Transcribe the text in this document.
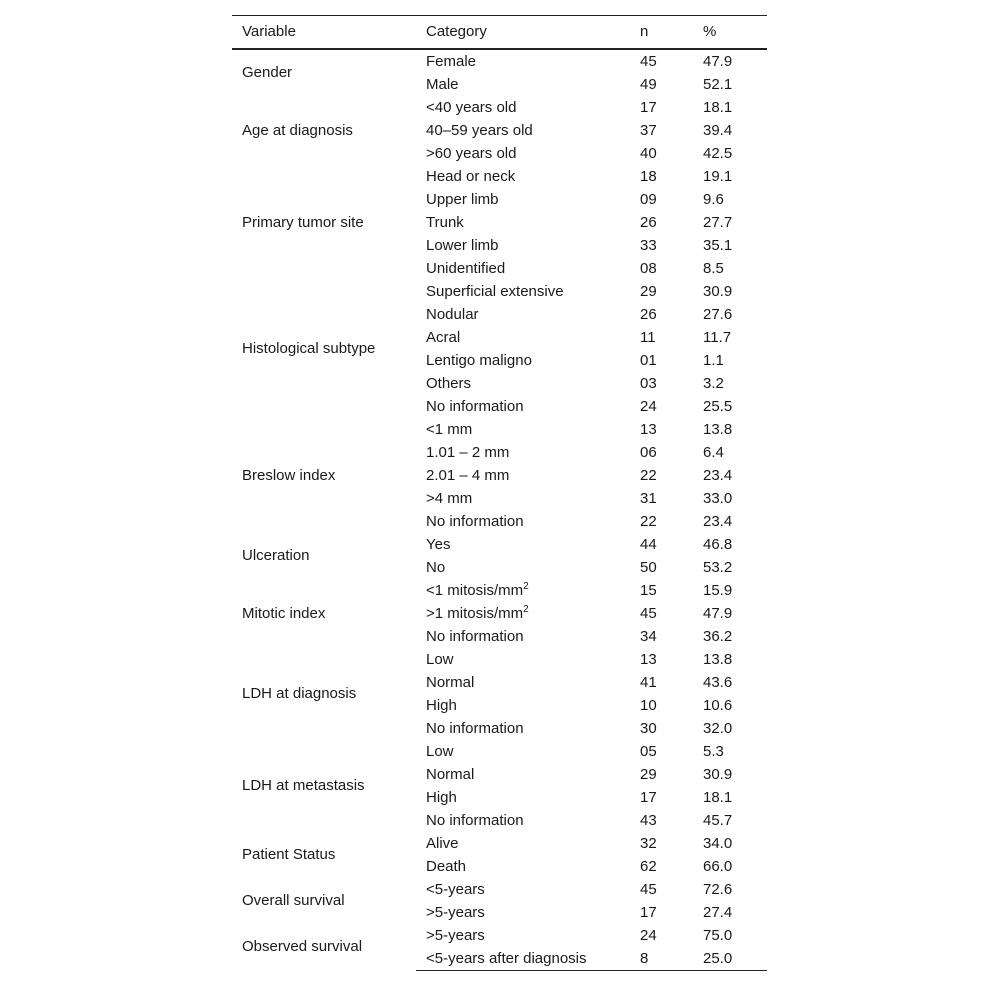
Variable	Category	n	%
Gender	Female	45	47.9
	Male	49	52.1
Age at diagnosis	<40 years old	17	18.1
	40–59 years old	37	39.4
	>60 years old	40	42.5
Primary tumor site	Head or neck	18	19.1
	Upper limb	09	9.6
	Trunk	26	27.7
	Lower limb	33	35.1
	Unidentified	08	8.5
Histological subtype	Superficial extensive	29	30.9
	Nodular	26	27.6
	Acral	11	11.7
	Lentigo maligno	01	1.1
	Others	03	3.2
	No information	24	25.5
Breslow index	<1 mm	13	13.8
	1.01 – 2 mm	06	6.4
	2.01 – 4 mm	22	23.4
	>4 mm	31	33.0
	No information	22	23.4
Ulceration	Yes	44	46.8
	No	50	53.2
Mitotic index	<1 mitosis/$mm^2$	15	15.9
	>1 mitosis/$mm^2$	45	47.9
	No information	34	36.2
LDH at diagnosis	Low	13	13.8
	Normal	41	43.6
	High	10	10.6
	No information	30	32.0
LDH at metastasis	Low	05	5.3
	Normal	29	30.9
	High	17	18.1
	No information	43	45.7
Patient Status	Alive	32	34.0
	Death	62	66.0
Overall survival	<5-years	45	72.6
	>5-years	17	27.4
Observed survival	>5-years	24	75.0
	<5-years after diagnosis	8	25.0
